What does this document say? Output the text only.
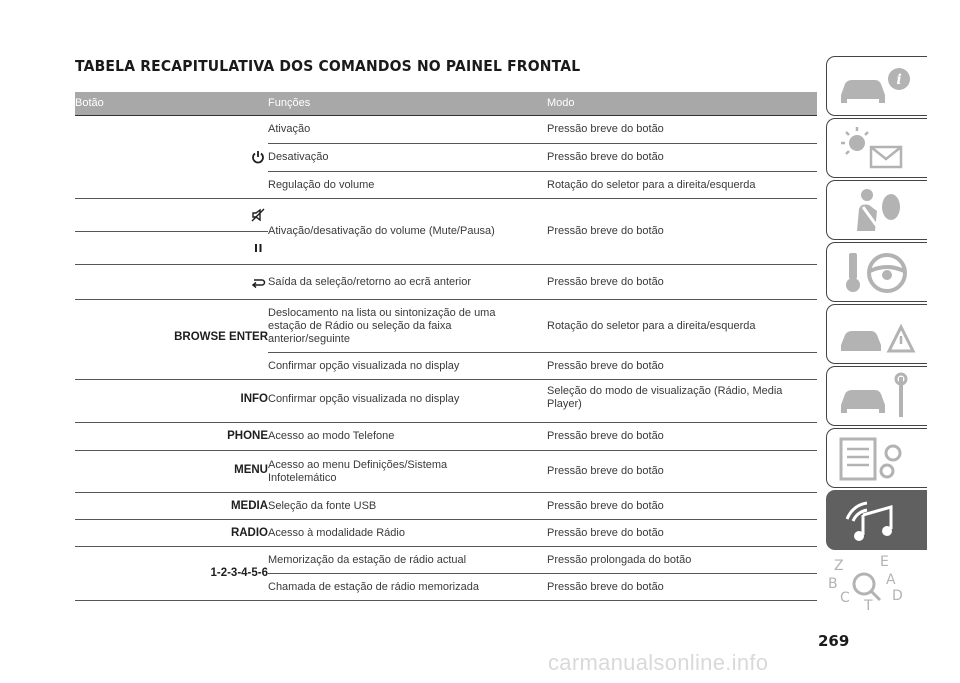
TABELA RECAPITULATIVA DOS COMANDOS NO PAINEL FRONTAL
Botão	Funções	Modo

	Ativação	Pressão breve do botão
	Desativação	Pressão breve do botão
	Regulação do volume	Rotação do seletor para a direita/esquerda

	Ativação/desativação do volume (Mute/Pausa)	Pressão breve do botão

	Saída da seleção/retorno ao ecrã anterior	Pressão breve do botão
BROWSE ENTER	Deslocamento na lista ou sintonização de uma estação de Rádio ou seleção da faixa anterior/seguinte	Rotação do seletor para a direita/esquerda
	Confirmar opção visualizada no display	Pressão breve do botão
INFO	Confirmar opção visualizada no display	Seleção do modo de visualização (Rádio, Media Player)
PHONE	Acesso ao modo Telefone	Pressão breve do botão
MENU	Acesso ao menu Definições/Sistema Infotelemático	Pressão breve do botão
MEDIA	Seleção da fonte USB	Pressão breve do botão
RADIO	Acesso à modalidade Rádio	Pressão breve do botão
1-2-3-4-5-6	Memorização da estação de rádio actual	Pressão prolongada do botão
	Chamada de estação de rádio memorizada	Pressão breve do botão
i
Z	E
B	A
C	D
T
269
carmanualsonline.info
